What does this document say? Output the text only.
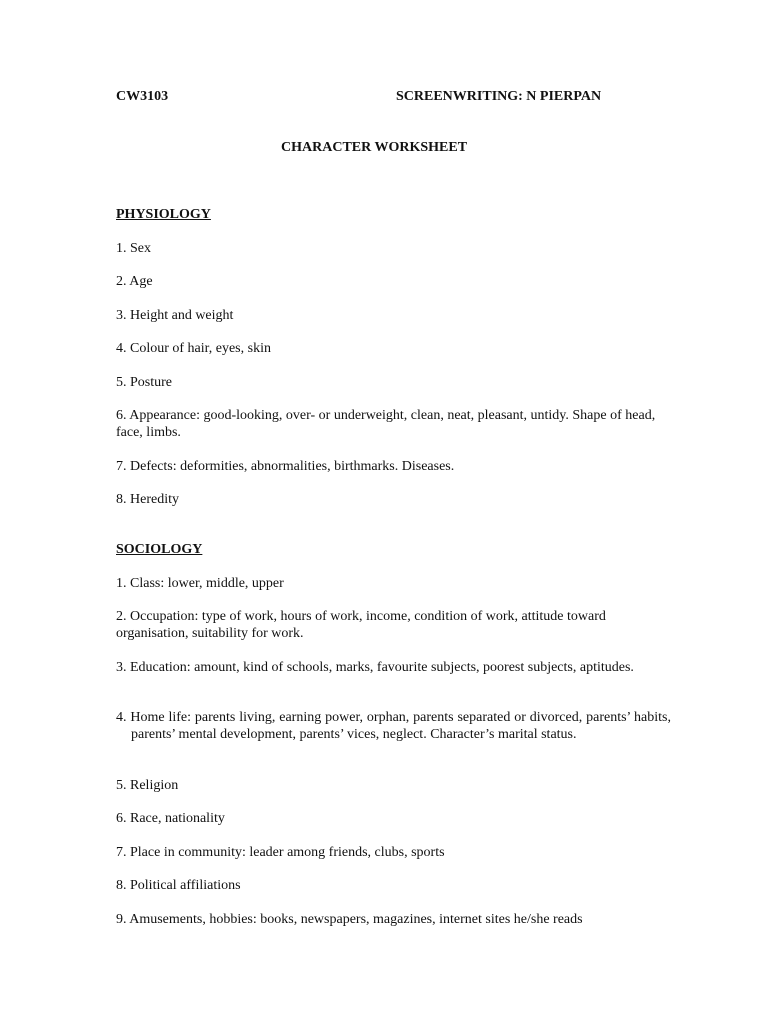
CW3103	SCREENWRITING: N PIERPAN
CHARACTER WORKSHEET
PHYSIOLOGY
1. Sex
2. Age
3. Height and weight
4. Colour of hair, eyes, skin
5. Posture
6. Appearance: good-looking, over- or underweight, clean, neat, pleasant, untidy. Shape of head, face, limbs.
7. Defects: deformities, abnormalities, birthmarks. Diseases.
8. Heredity
SOCIOLOGY
1. Class: lower, middle, upper
2. Occupation: type of work, hours of work, income, condition of work, attitude toward organisation, suitability for work.
3. Education: amount, kind of schools, marks, favourite subjects, poorest subjects, aptitudes.
4. Home life: parents living, earning power, orphan, parents separated or divorced, parents’ habits, parents’ mental development, parents’ vices, neglect. Character’s marital status.
5. Religion
6. Race, nationality
7. Place in community: leader among friends, clubs, sports
8. Political affiliations
9. Amusements, hobbies: books, newspapers, magazines, internet sites he/she reads
